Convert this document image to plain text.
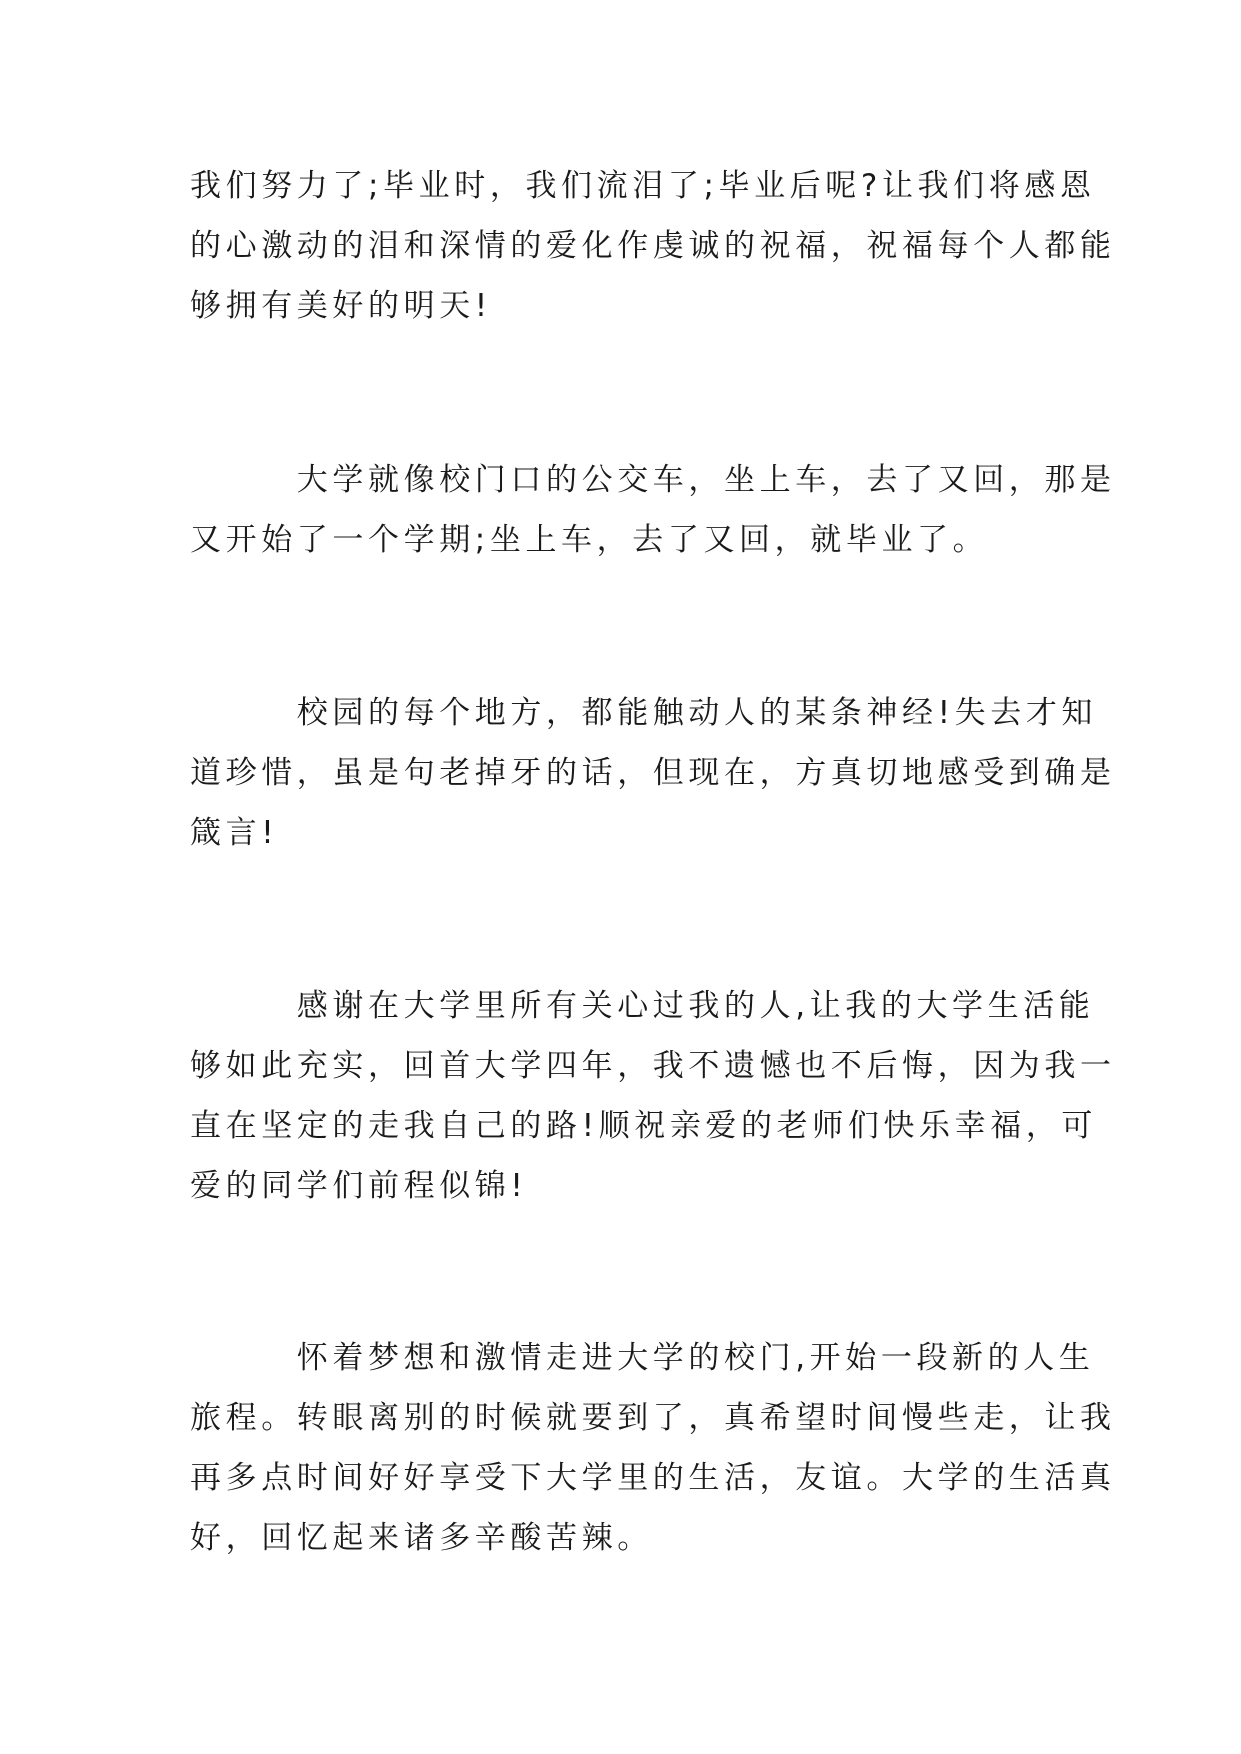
我们努力了;毕业时，我们流泪了;毕业后呢?让我们将感恩
的心激动的泪和深情的爱化作虔诚的祝福，祝福每个人都能
够拥有美好的明天!

　　　大学就像校门口的公交车，坐上车，去了又回，那是
又开始了一个学期;坐上车，去了又回，就毕业了。

　　　校园的每个地方，都能触动人的某条神经!失去才知
道珍惜，虽是句老掉牙的话，但现在，方真切地感受到确是
箴言!

　　　感谢在大学里所有关心过我的人,让我的大学生活能
够如此充实，回首大学四年，我不遗憾也不后悔，因为我一
直在坚定的走我自己的路!顺祝亲爱的老师们快乐幸福，可
爱的同学们前程似锦!

　　　怀着梦想和激情走进大学的校门,开始一段新的人生
旅程。转眼离别的时候就要到了，真希望时间慢些走，让我
再多点时间好好享受下大学里的生活，友谊。大学的生活真
好，回忆起来诸多辛酸苦辣。
